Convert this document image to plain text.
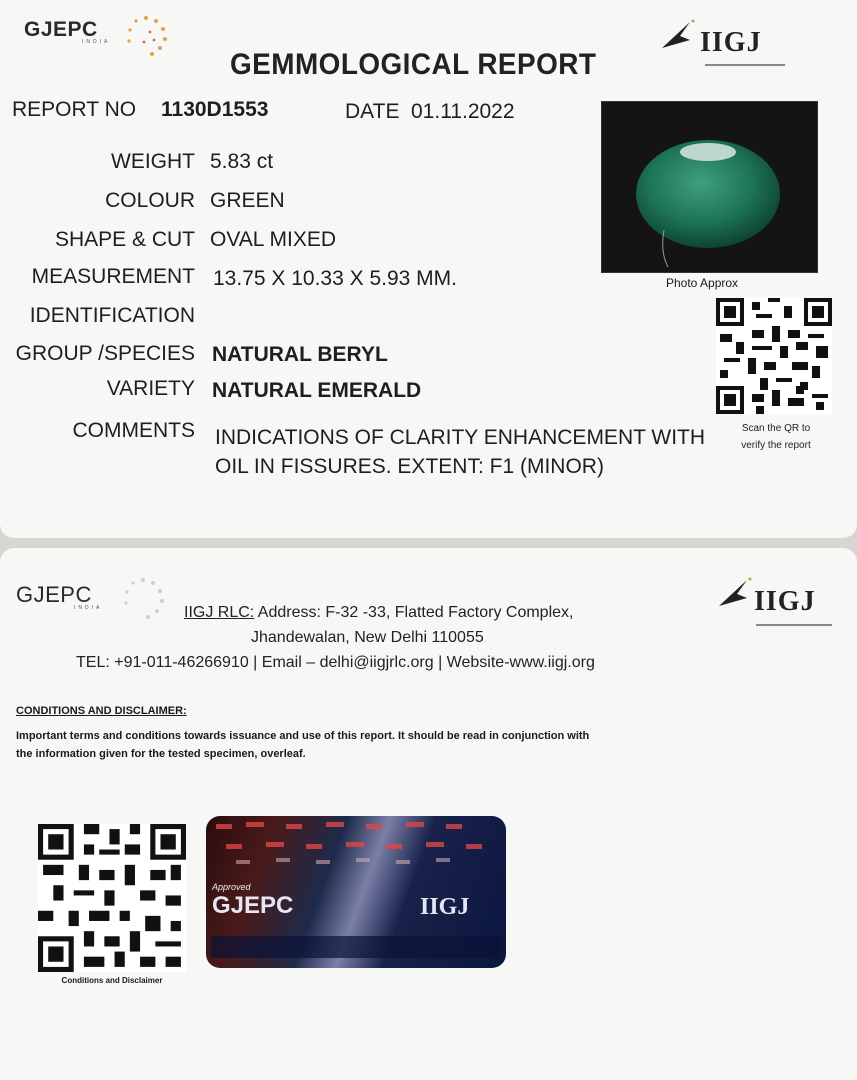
GJEPC
INDIA	IIGJ
GEMMOLOGICAL REPORT
REPORT NO 1130D1553	DATE 01.11.2022
WEIGHT 5.83 ct
COLOUR GREEN
SHAPE & CUT OVAL MIXED
MEASUREMENT 13.75 X 10.33 X 5.93 MM.
IDENTIFICATION
GROUP /SPECIES NATURAL BERYL
VARIETY NATURAL EMERALD
COMMENTS INDICATIONS OF CLARITY ENHANCEMENT WITH
OIL IN FISSURES. EXTENT: F1 (MINOR)
Photo Approx
Scan the QR to
verify the report
GJEPC
INDIA	IIGJ
IIGJ RLC: Address: F-32 -33, Flatted Factory Complex,
Jhandewalan, New Delhi 110055
TEL: +91-011-46266910 | Email – delhi@iigjrlc.org | Website-www.iigj.org
CONDITIONS AND DISCLAIMER:
Important terms and conditions towards issuance and use of this report. It should be read in conjunction with
the information given for the tested specimen, overleaf.
Conditions and Disclaimer
Approved
GJEPC	IIGJ
